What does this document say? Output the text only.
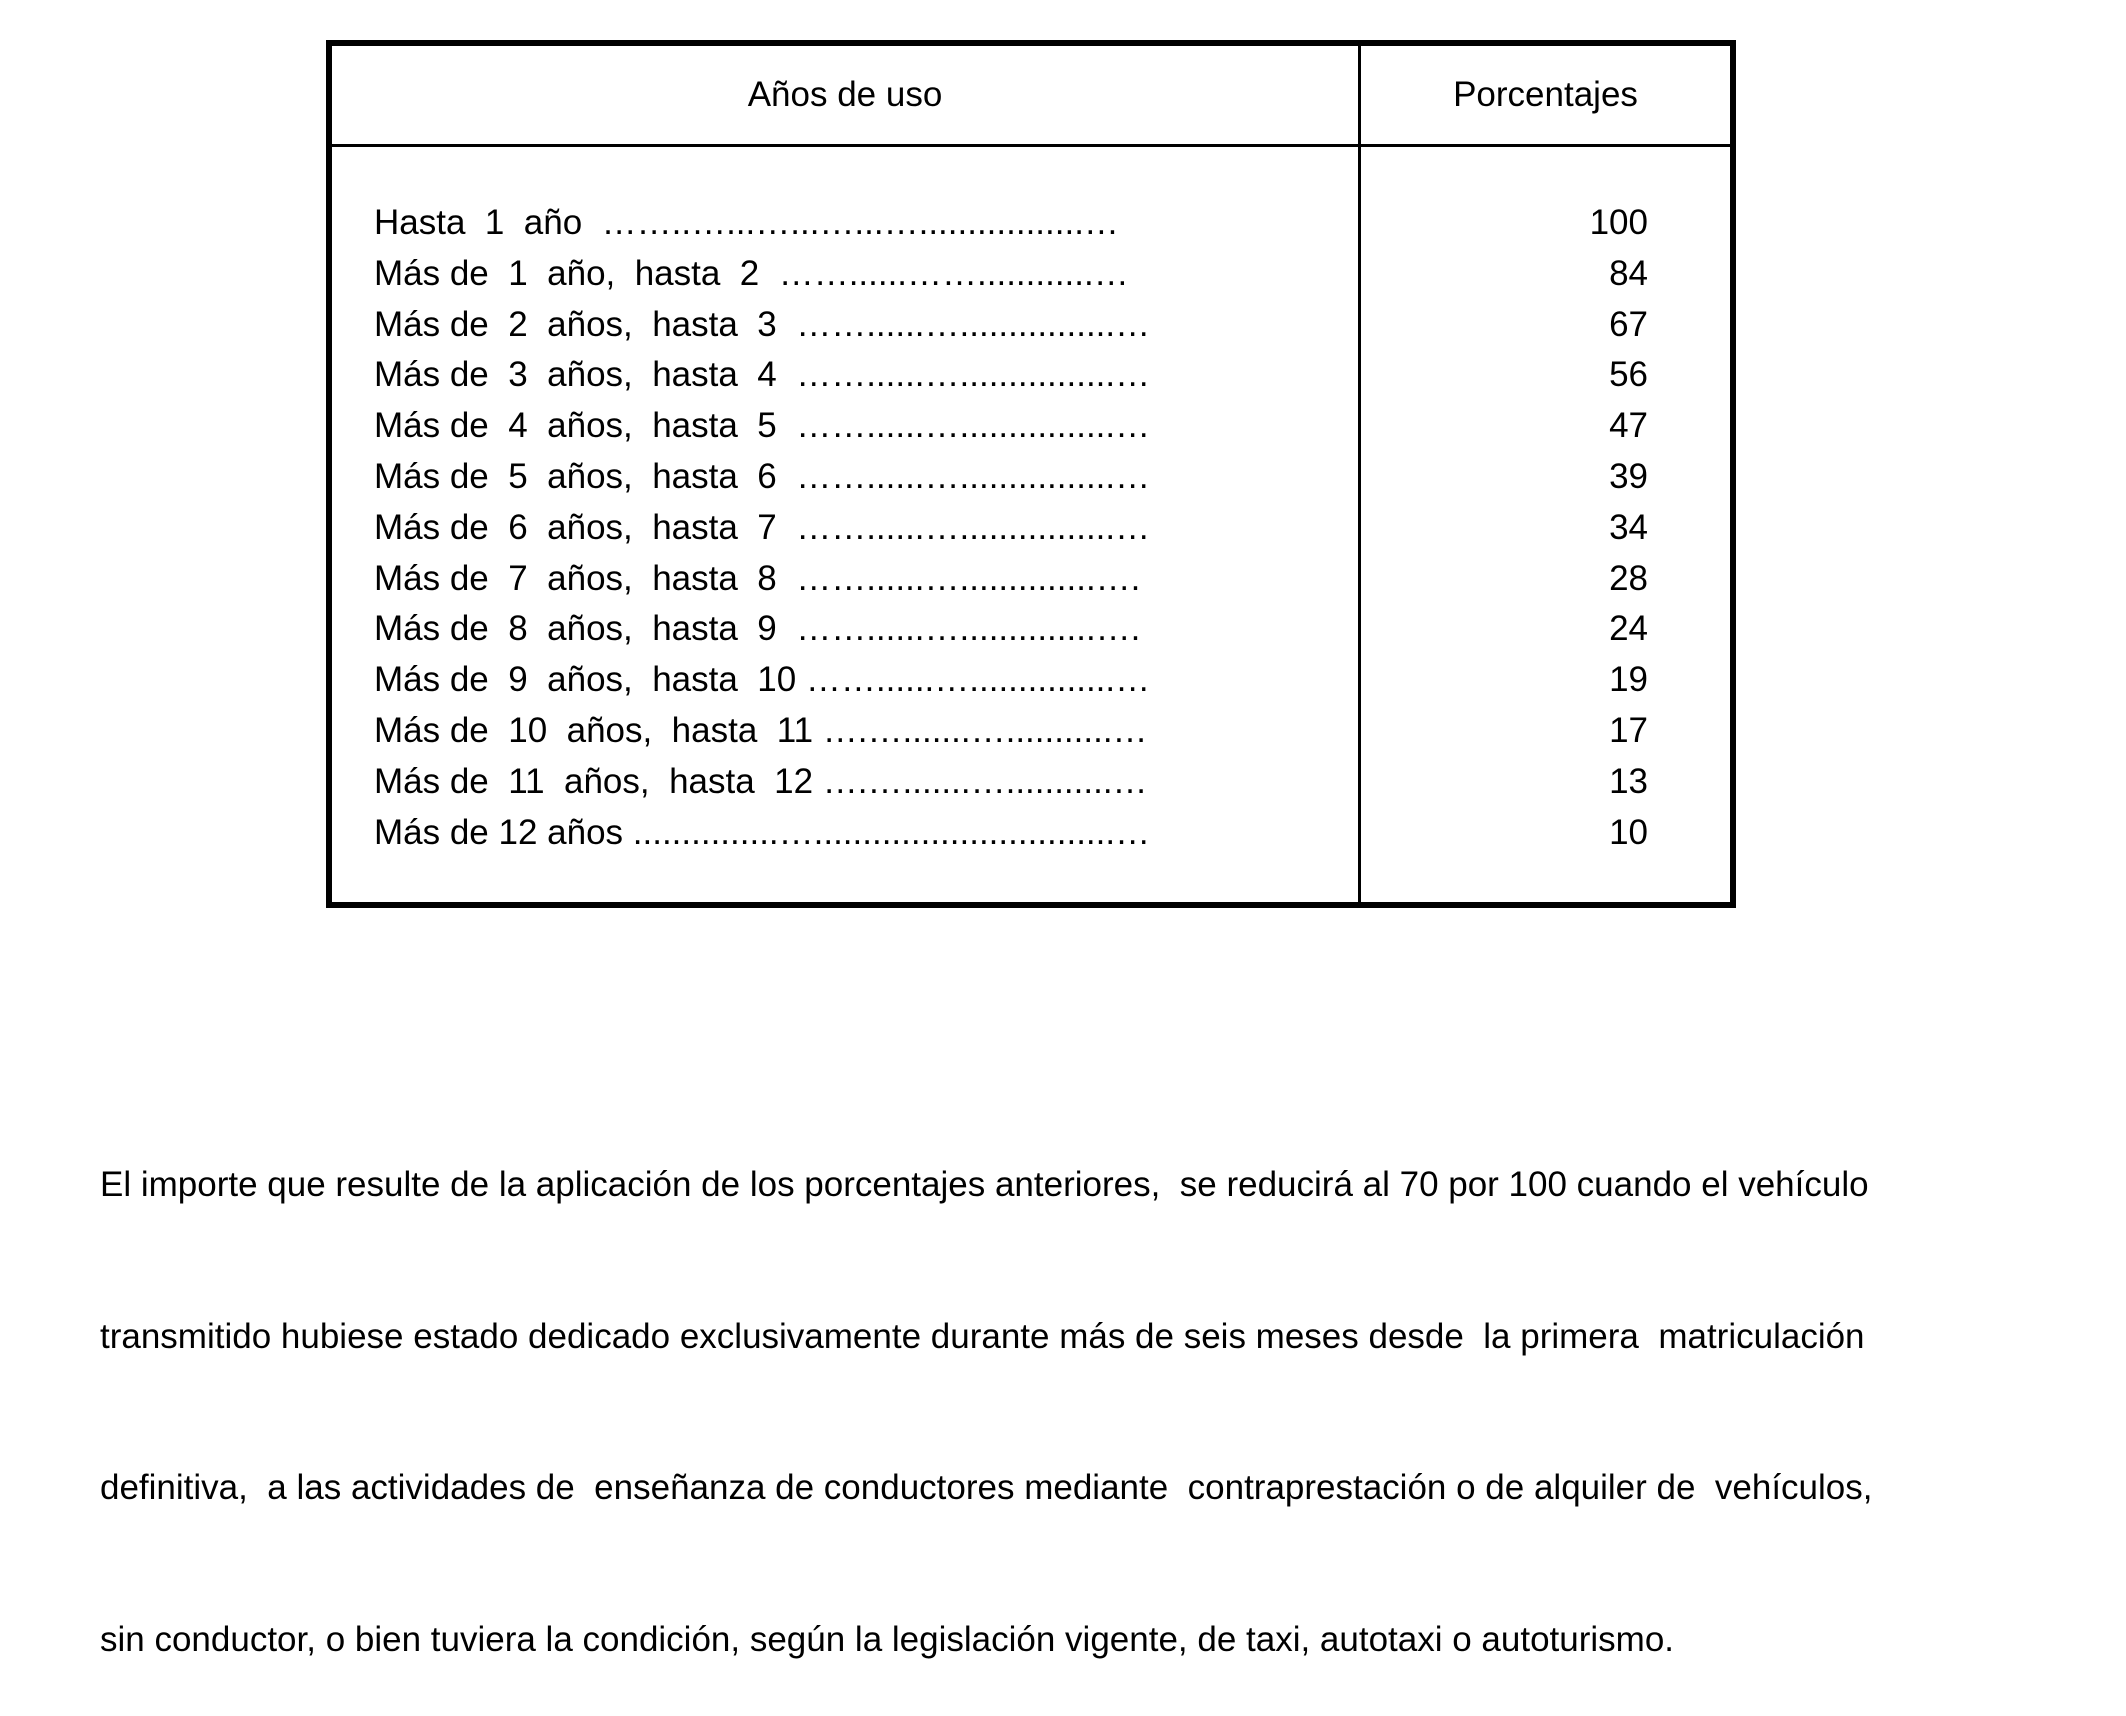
Años de uso	Porcentajes
Hasta  1  año  ……..…...…...…...….................…	100
Más de  1  año,  hasta  2  ……......……............…	84
Más de  2  años,  hasta  3  ……......…................…	67
Más de  3  años,  hasta  4  ……......…................…	56
Más de  4  años,  hasta  5  ……......…................…	47
Más de  5  años,  hasta  6  ……......…................…	39
Más de  6  años,  hasta  7  ……......…................…	34
Más de  7  años,  hasta  8  ……......…..............….	28
Más de  8  años,  hasta  9  ……......…..............….	24
Más de  9  años,  hasta  10 ……......…...............…	19
Más de  10  años,  hasta  11 ….….......…...........…	17
Más de  11  años,  hasta  12 ….….......…...........…	13
Más de 12 años ...............…...............................…	10

El importe que resulte de la aplicación de los porcentajes anteriores,  se reducirá al 70 por 100 cuando el vehículo

transmitido hubiese estado dedicado exclusivamente durante más de seis meses desde  la primera  matriculación

definitiva,  a las actividades de  enseñanza de conductores mediante  contraprestación o de alquiler de  vehículos,

sin conductor, o bien tuviera la condición, según la legislación vigente, de taxi, autotaxi o autoturismo.
